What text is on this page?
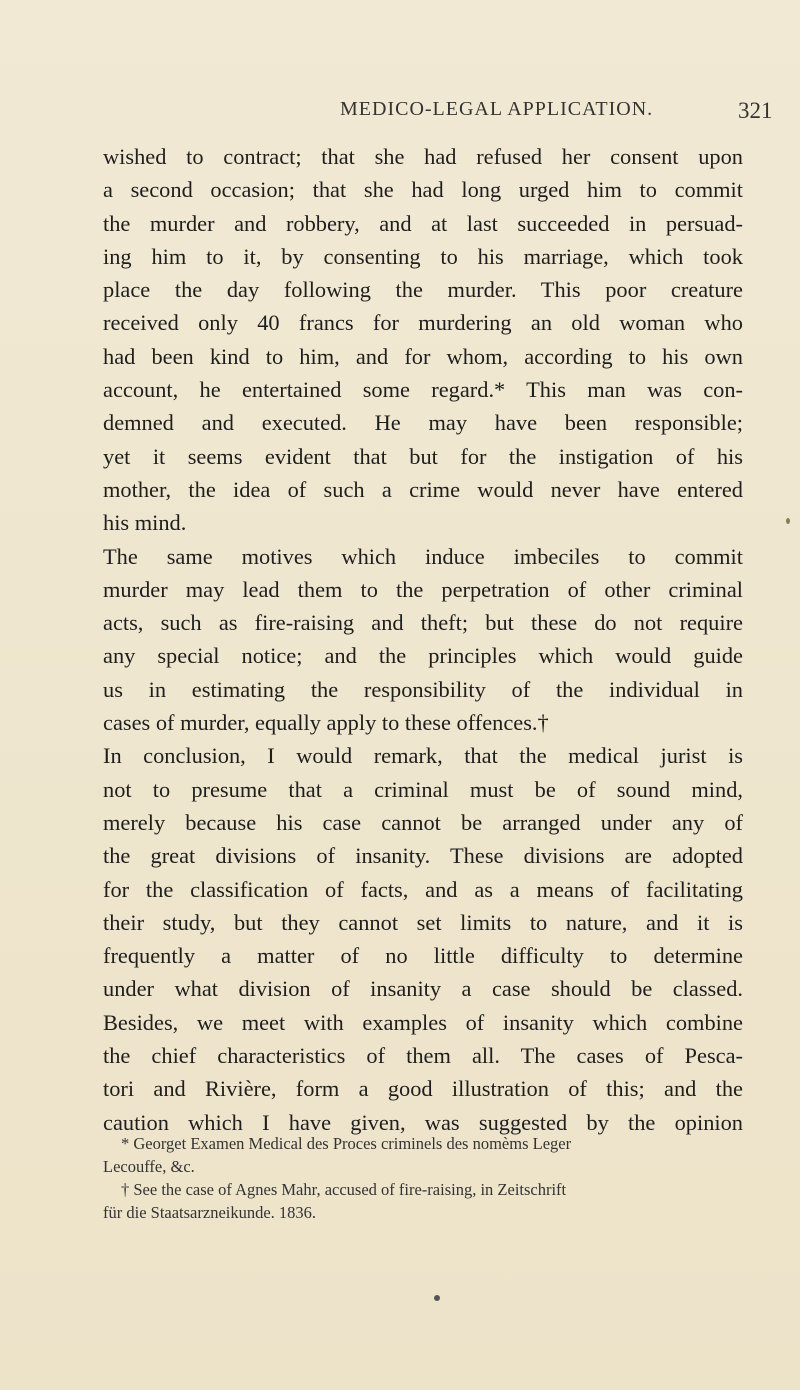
MEDICO-LEGAL APPLICATION.	321

wished to contract; that she had refused her consent upon
a second occasion; that she had long urged him to commit
the murder and robbery, and at last succeeded in persuad-
ing him to it, by consenting to his marriage, which took
place the day following the murder. This poor creature
received only 40 francs for murdering an old woman who
had been kind to him, and for whom, according to his own
account, he entertained some regard.* This man was con-
demned and executed. He may have been responsible;
yet it seems evident that but for the instigation of his
mother, the idea of such a crime would never have entered
his mind.

The same motives which induce imbeciles to commit
murder may lead them to the perpetration of other criminal
acts, such as fire-raising and theft; but these do not require
any special notice; and the principles which would guide
us in estimating the responsibility of the individual in
cases of murder, equally apply to these offences.†

In conclusion, I would remark, that the medical jurist is
not to presume that a criminal must be of sound mind,
merely because his case cannot be arranged under any of
the great divisions of insanity. These divisions are adopted
for the classification of facts, and as a means of facilitating
their study, but they cannot set limits to nature, and it is
frequently a matter of no little difficulty to determine
under what division of insanity a case should be classed.
Besides, we meet with examples of insanity which combine
the chief characteristics of them all. The cases of Pesca-
tori and Rivière, form a good illustration of this; and the
caution which I have given, was suggested by the opinion

* Georget Examen Medical des Proces criminels des nomèms Leger
Lecouffe, &c.

† See the case of Agnes Mahr, accused of fire-raising, in Zeitschrift
für die Staatsarzneikunde. 1836.
